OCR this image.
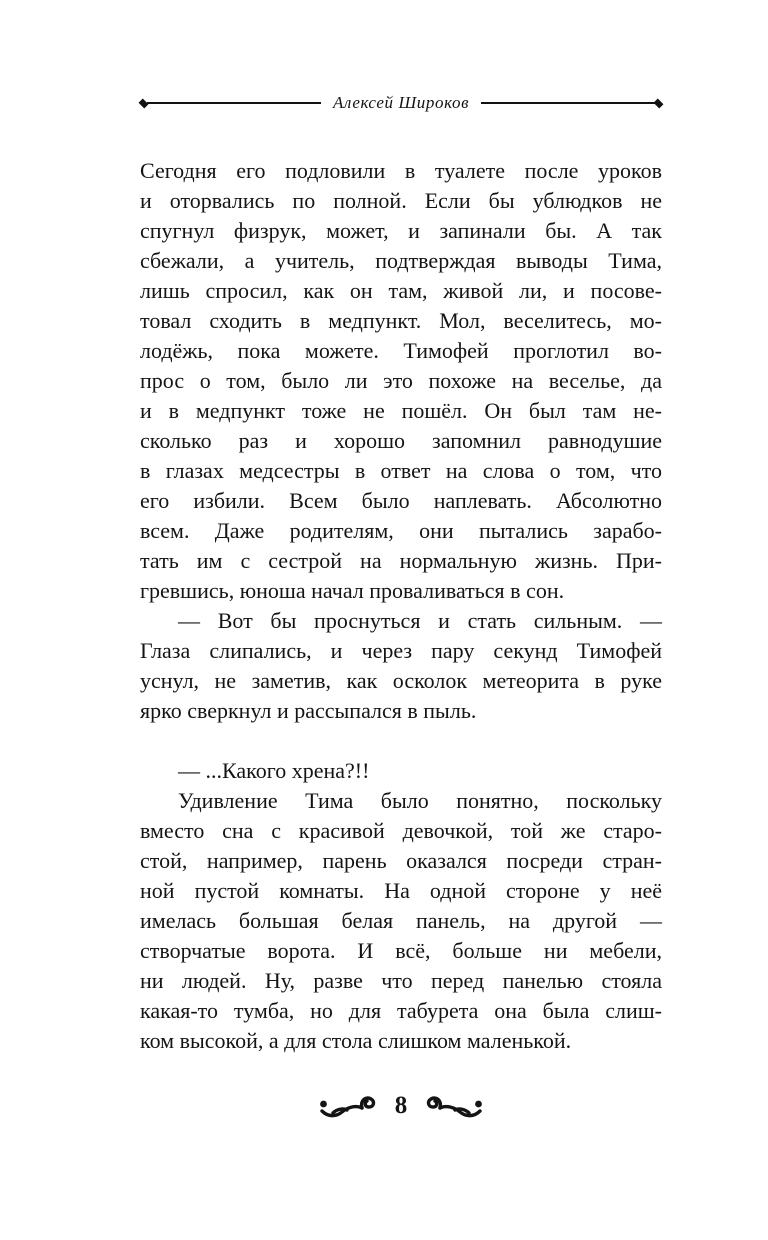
Алексей Широков
Сегодня его подловили в туалете после уроков
и оторвались по полной. Если бы ублюдков не
спугнул физрук, может, и запинали бы. А так
сбежали, а учитель, подтверждая выводы Тима,
лишь спросил, как он там, живой ли, и посове-
товал сходить в медпункт. Мол, веселитесь, мо-
лодёжь, пока можете. Тимофей проглотил во-
прос о том, было ли это похоже на веселье, да
и в медпункт тоже не пошёл. Он был там не-
сколько раз и хорошо запомнил равнодушие
в глазах медсестры в ответ на слова о том, что
его избили. Всем было наплевать. Абсолютно
всем. Даже родителям, они пытались зарабо-
тать им с сестрой на нормальную жизнь. При-
гревшись, юноша начал проваливаться в сон.
— Вот бы проснуться и стать сильным. —
Глаза слипались, и через пару секунд Тимофей
уснул, не заметив, как осколок метеорита в руке
ярко сверкнул и рассыпался в пыль.
— ...Какого хрена?!!
Удивление Тима было понятно, поскольку
вместо сна с красивой девочкой, той же старо-
стой, например, парень оказался посреди стран-
ной пустой комнаты. На одной стороне у неё
имелась большая белая панель, на другой —
створчатые ворота. И всё, больше ни мебели,
ни людей. Ну, разве что перед панелью стояла
какая-то тумба, но для табурета она была слиш-
ком высокой, а для стола слишком маленькой.
8
